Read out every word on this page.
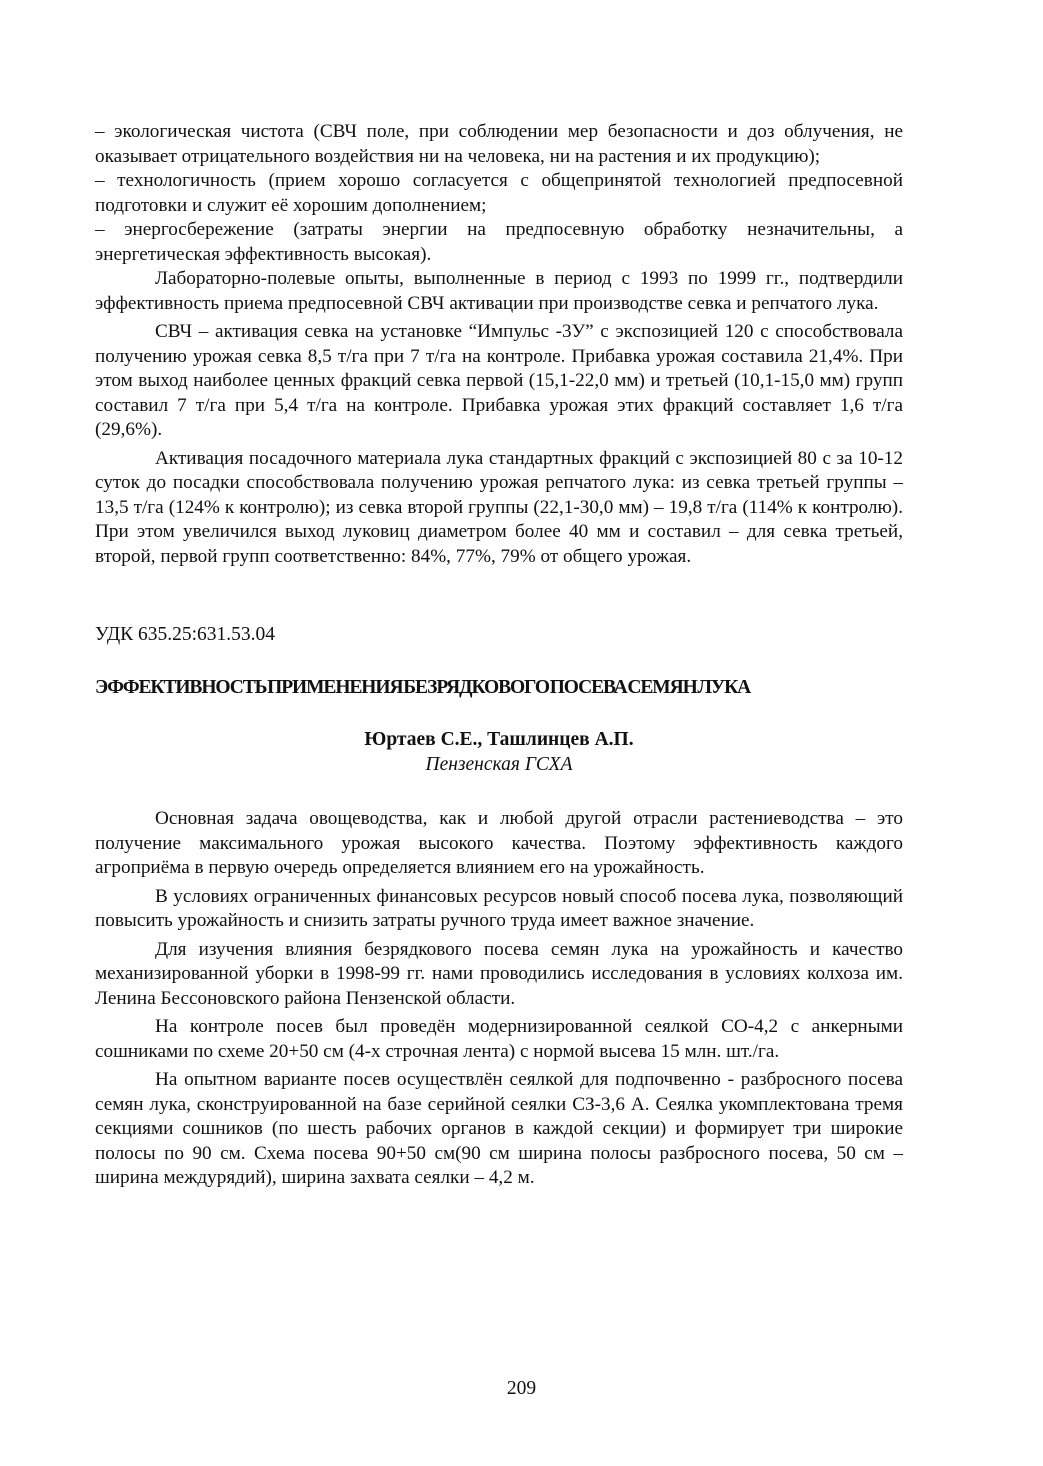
– экологическая чистота (СВЧ поле, при соблюдении мер безопасности и доз облучения, не оказывает отрицательного воздействия ни на человека, ни на растения и их продукцию);

– технологичность (прием хорошо согласуется с общепринятой технологией предпосевной подготовки и служит её хорошим дополнением;

– энергосбережение (затраты энергии на предпосевную обработку незначительны, а энергетическая эффективность высокая).

Лабораторно-полевые опыты, выполненные в период с 1993 по 1999 гг., подтвердили эффективность приема предпосевной СВЧ активации при производстве севка и репчатого лука.

СВЧ – активация севка на установке “Импульс -3У” с экспозицией 120 с способствовала получению урожая севка 8,5 т/га при 7 т/га на контроле. Прибавка урожая составила 21,4%. При этом выход наиболее ценных фракций севка первой (15,1-22,0 мм) и третьей (10,1-15,0 мм) групп составил 7 т/га при 5,4 т/га на контроле. Прибавка урожая этих фракций составляет 1,6 т/га (29,6%).

Активация посадочного материала лука стандартных фракций с экспозицией 80 с за 10-12 суток до посадки способствовала получению урожая репчатого лука: из севка третьей группы –13,5 т/га (124% к контролю); из севка второй группы (22,1-30,0 мм) – 19,8 т/га (114% к контролю). При этом увеличился выход луковиц диаметром более 40 мм и составил – для севка третьей, второй, первой групп соответственно: 84%, 77%, 79% от общего урожая.

УДК 635.25:631.53.04

ЭФФЕКТИВНОСТЬ ПРИМЕНЕНИЯ БЕЗРЯДКОВОГО ПОСЕВА СЕМЯН ЛУКА

Юртаев С.Е., Ташлинцев А.П.

Пензенская ГСХА

Основная задача овощеводства, как и любой другой отрасли растениеводства – это получение максимального урожая высокого качества. Поэтому эффективность каждого агроприёма в первую очередь определяется влиянием его на урожайность.

В условиях ограниченных финансовых ресурсов новый способ посева лука, позволяющий повысить урожайность и снизить затраты ручного труда имеет важное значение.

Для изучения влияния безрядкового посева семян лука на урожайность и качество механизированной уборки в 1998-99 гг. нами проводились исследования в условиях колхоза им. Ленина Бессоновского района Пензенской области.

На контроле посев был проведён модернизированной сеялкой СО-4,2 с анкерными сошниками по схеме 20+50 см (4-х строчная лента) с нормой высева 15 млн. шт./га.

На опытном варианте посев осуществлён сеялкой для подпочвенно - разбросного посева семян лука, сконструированной на базе серийной сеялки СЗ-3,6 А. Сеялка укомплектована тремя секциями сошников (по шесть рабочих органов в каждой секции) и формирует три широкие полосы по 90 см. Схема посева 90+50 см(90 см ширина полосы разбросного посева, 50 см – ширина междурядий), ширина захвата сеялки – 4,2 м.

209
